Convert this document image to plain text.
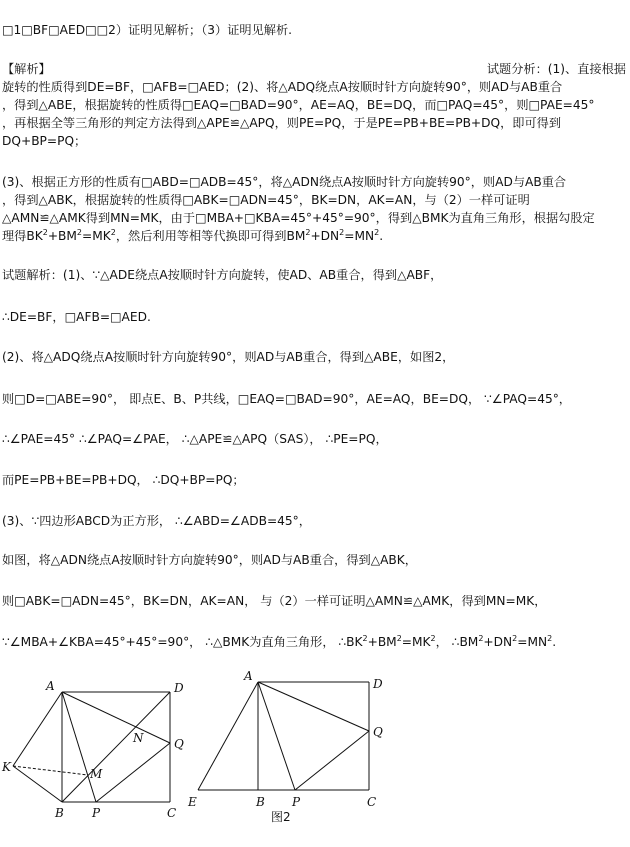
□1□BF□AED□□2）证明见解析；（3）证明见解析.
【解析】	试题分析：(1)、直接根据
旋转的性质得到DE=BF，□AFB=□AED；(2)、将△ADQ绕点A按顺时针方向旋转90°，则AD与AB重合
，得到△ABE，根据旋转的性质得□EAQ=□BAD=90°，AE=AQ，BE=DQ，而□PAQ=45°，则□PAE=45°
，再根据全等三角形的判定方法得到△APE≌△APQ，则PE=PQ，于是PE=PB+BE=PB+DQ，即可得到
DQ+BP=PQ；
(3)、根据正方形的性质有□ABD=□ADB=45°，将△ADN绕点A按顺时针方向旋转90°，则AD与AB重合
，得到△ABK，根据旋转的性质得□ABK=□ADN=45°，BK=DN，AK=AN，与（2）一样可证明
△AMN≌△AMK得到MN=MK，由于□MBA+□KBA=45°+45°=90°，得到△BMK为直角三角形，根据勾股定
理得$BK^2+BM^2=MK^2$，然后利用等相等代换即可得到$BM^2+DN^2=MN^2$.
试题解析：(1)、∵△ADE绕点A按顺时针方向旋转，使AD、AB重合，得到△ABF，
∴DE=BF，□AFB=□AED.
(2)、将△ADQ绕点A按顺时针方向旋转90°，则AD与AB重合，得到△ABE，如图2，
则□D=□ABE=90°， 即点E、B、P共线，□EAQ=□BAD=90°，AE=AQ，BE=DQ， ∵∠PAQ=45°，
∴∠PAE=45° ∴∠PAQ=∠PAE， ∴△APE≌△APQ（SAS）， ∴PE=PQ，
而PE=PB+BE=PB+DQ， ∴DQ+BP=PQ；
(3)、∵四边形ABCD为正方形， ∴∠ABD=∠ADB=45°，
如图，将△ADN绕点A按顺时针方向旋转90°，则AD与AB重合，得到△ABK，
则□ABK=□ADN=45°，BK=DN，AK=AN， 与（2）一样可证明△AMN≌△AMK，得到MN=MK，
∵∠MBA+∠KBA=45°+45°=90°， ∴△BMK为直角三角形， $\therefore BK^2+BM^2=MK^2$， $\therefore BM^2+DN^2=MN^2$.
A	D
K	M
N	Q
B P	C
A
D
Q
E	B P	C
图2
